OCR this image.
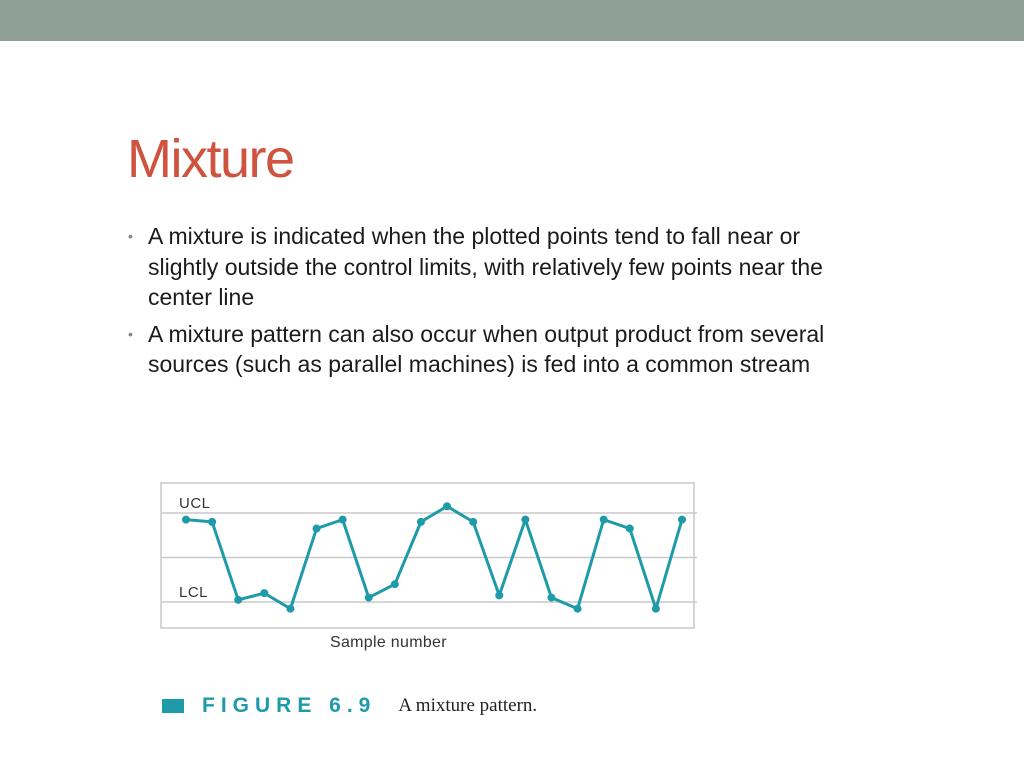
Mixture
• A mixture is indicated when the plotted points tend to fall near or slightly outside the control limits, with relatively few points near the center line
• A mixture pattern can also occur when output product from several sources (such as parallel machines) is fed into a common stream
UCL
LCL
Sample number
FIGURE 6.9 A mixture pattern.
